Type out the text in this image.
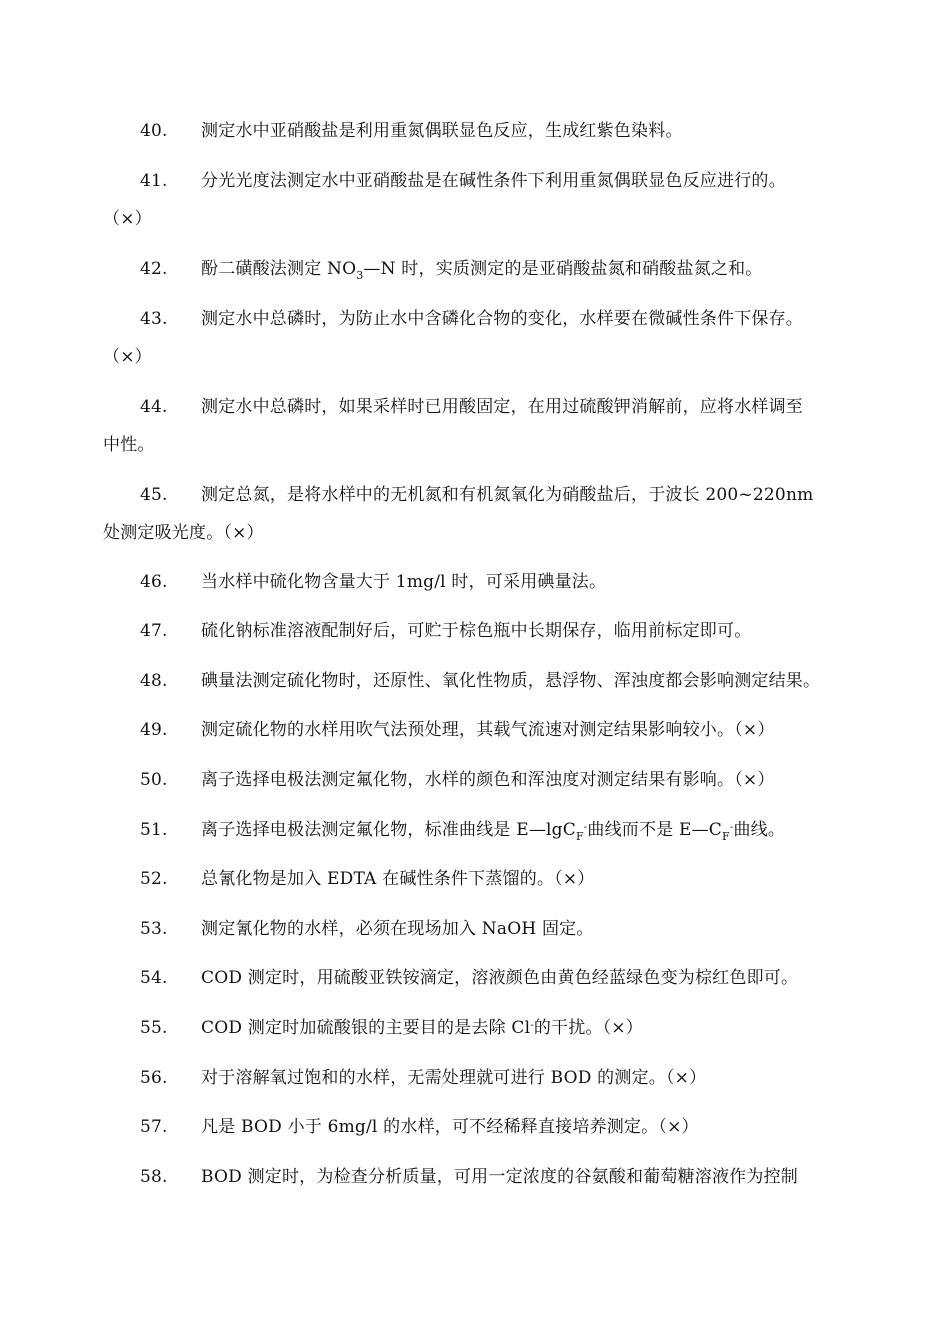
40. 测定水中亚硝酸盐是利用重氮偶联显色反应，生成红紫色染料。
41. 分光光度法测定水中亚硝酸盐是在碱性条件下利用重氮偶联显色反应进行的。
（×）
42. 酚二磺酸法测定 $NO_3—N$ 时，实质测定的是亚硝酸盐氮和硝酸盐氮之和。
43. 测定水中总磷时，为防止水中含磷化合物的变化，水样要在微碱性条件下保存。
（×）
44. 测定水中总磷时，如果采样时已用酸固定，在用过硫酸钾消解前，应将水样调至
中性。
45. 测定总氮，是将水样中的无机氮和有机氮氧化为硝酸盐后，于波长 200~220nm
处测定吸光度。（×）
46. 当水样中硫化物含量大于 1mg/l 时，可采用碘量法。
47. 硫化钠标准溶液配制好后，可贮于棕色瓶中长期保存，临用前标定即可。
48. 碘量法测定硫化物时，还原性、氧化性物质，悬浮物、浑浊度都会影响测定结果。
49. 测定硫化物的水样用吹气法预处理，其载气流速对测定结果影响较小。（×）
50. 离子选择电极法测定氟化物，水样的颜色和浑浊度对测定结果有影响。（×）
51. 离子选择电极法测定氟化物，标准曲线是 E—lgC$_F$-曲线而不是 $E—C_F^-$曲线。
52. 总氰化物是加入 EDTA 在碱性条件下蒸馏的。（×）
53. 测定氰化物的水样，必须在现场加入 NaOH 固定。
54. COD 测定时，用硫酸亚铁铵滴定，溶液颜色由黄色经蓝绿色变为棕红色即可。
55. COD 测定时加硫酸银的主要目的是去除 Cl-的干扰。（×）
56. 对于溶解氧过饱和的水样，无需处理就可进行 BOD 的测定。（×）
57. 凡是 BOD 小于 6mg/l 的水样，可不经稀释直接培养测定。（×）
58. BOD 测定时，为检查分析质量，可用一定浓度的谷氨酸和葡萄糖溶液作为控制
